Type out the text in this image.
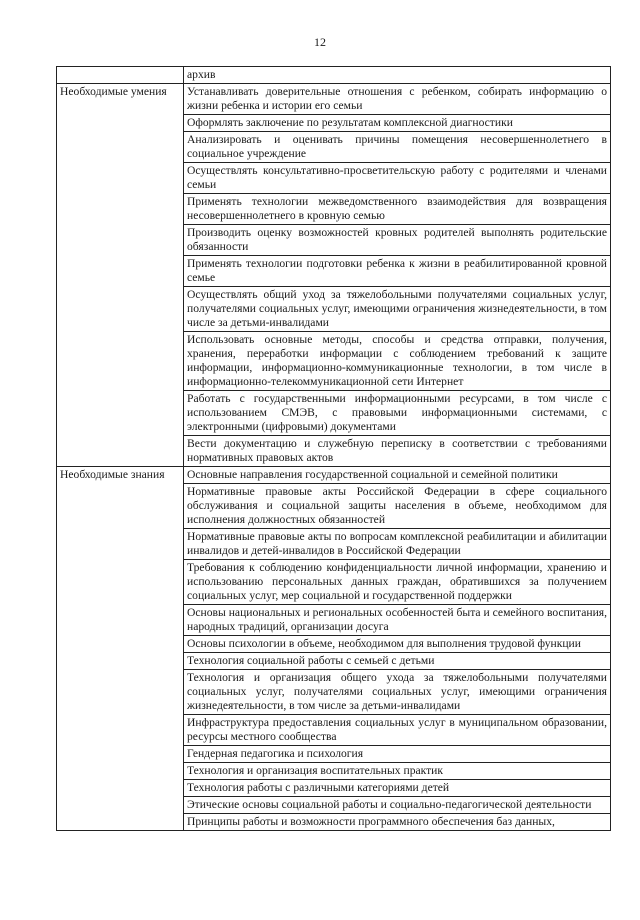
12

	архив

Необходимые умения	Устанавливать доверительные отношения с ребенком, собирать информацию о жизни ребенка и истории его семьи

	Оформлять заключение по результатам комплексной диагностики

	Анализировать и оценивать причины помещения несовершеннолетнего в социальное учреждение

	Осуществлять консультативно-просветительскую работу с родителями и членами семьи

	Применять технологии межведомственного взаимодействия для возвращения несовершеннолетнего в кровную семью

	Производить оценку возможностей кровных родителей выполнять родительские обязанности

	Применять технологии подготовки ребенка к жизни в реабилитированной кровной семье

	Осуществлять общий уход за тяжелобольными получателями социальных услуг, получателями социальных услуг, имеющими ограничения жизнедеятельности, в том числе за детьми-инвалидами

	Использовать основные методы, способы и средства отправки, получения, хранения, переработки информации с соблюдением требований к защите информации, информационно-коммуникационные технологии, в том числе в информационно-телекоммуникационной сети Интернет

	Работать с государственными информационными ресурсами, в том числе с использованием СМЭВ, с правовыми информационными системами, с электронными (цифровыми) документами

	Вести документацию и служебную переписку в соответствии с требованиями нормативных правовых актов

Необходимые знания	Основные направления государственной социальной и семейной политики

	Нормативные правовые акты Российской Федерации в сфере социального обслуживания и социальной защиты населения в объеме, необходимом для исполнения должностных обязанностей

	Нормативные правовые акты по вопросам комплексной реабилитации и абилитации инвалидов и детей-инвалидов в Российской Федерации

	Требования к соблюдению конфиденциальности личной информации, хранению и использованию персональных данных граждан, обратившихся за получением социальных услуг, мер социальной и государственной поддержки

	Основы национальных и региональных особенностей быта и семейного воспитания, народных традиций, организации досуга

	Основы психологии в объеме, необходимом для выполнения трудовой функции

	Технология социальной работы с семьей с детьми

	Технология и организация общего ухода за тяжелобольными получателями социальных услуг, получателями социальных услуг, имеющими ограничения жизнедеятельности, в том числе за детьми-инвалидами

	Инфраструктура предоставления социальных услуг в муниципальном образовании, ресурсы местного сообщества

	Гендерная педагогика и психология

	Технология и организация воспитательных практик

	Технология работы с различными категориями детей

	Этические основы социальной работы и социально-педагогической деятельности

	Принципы работы и возможности программного обеспечения баз данных,
